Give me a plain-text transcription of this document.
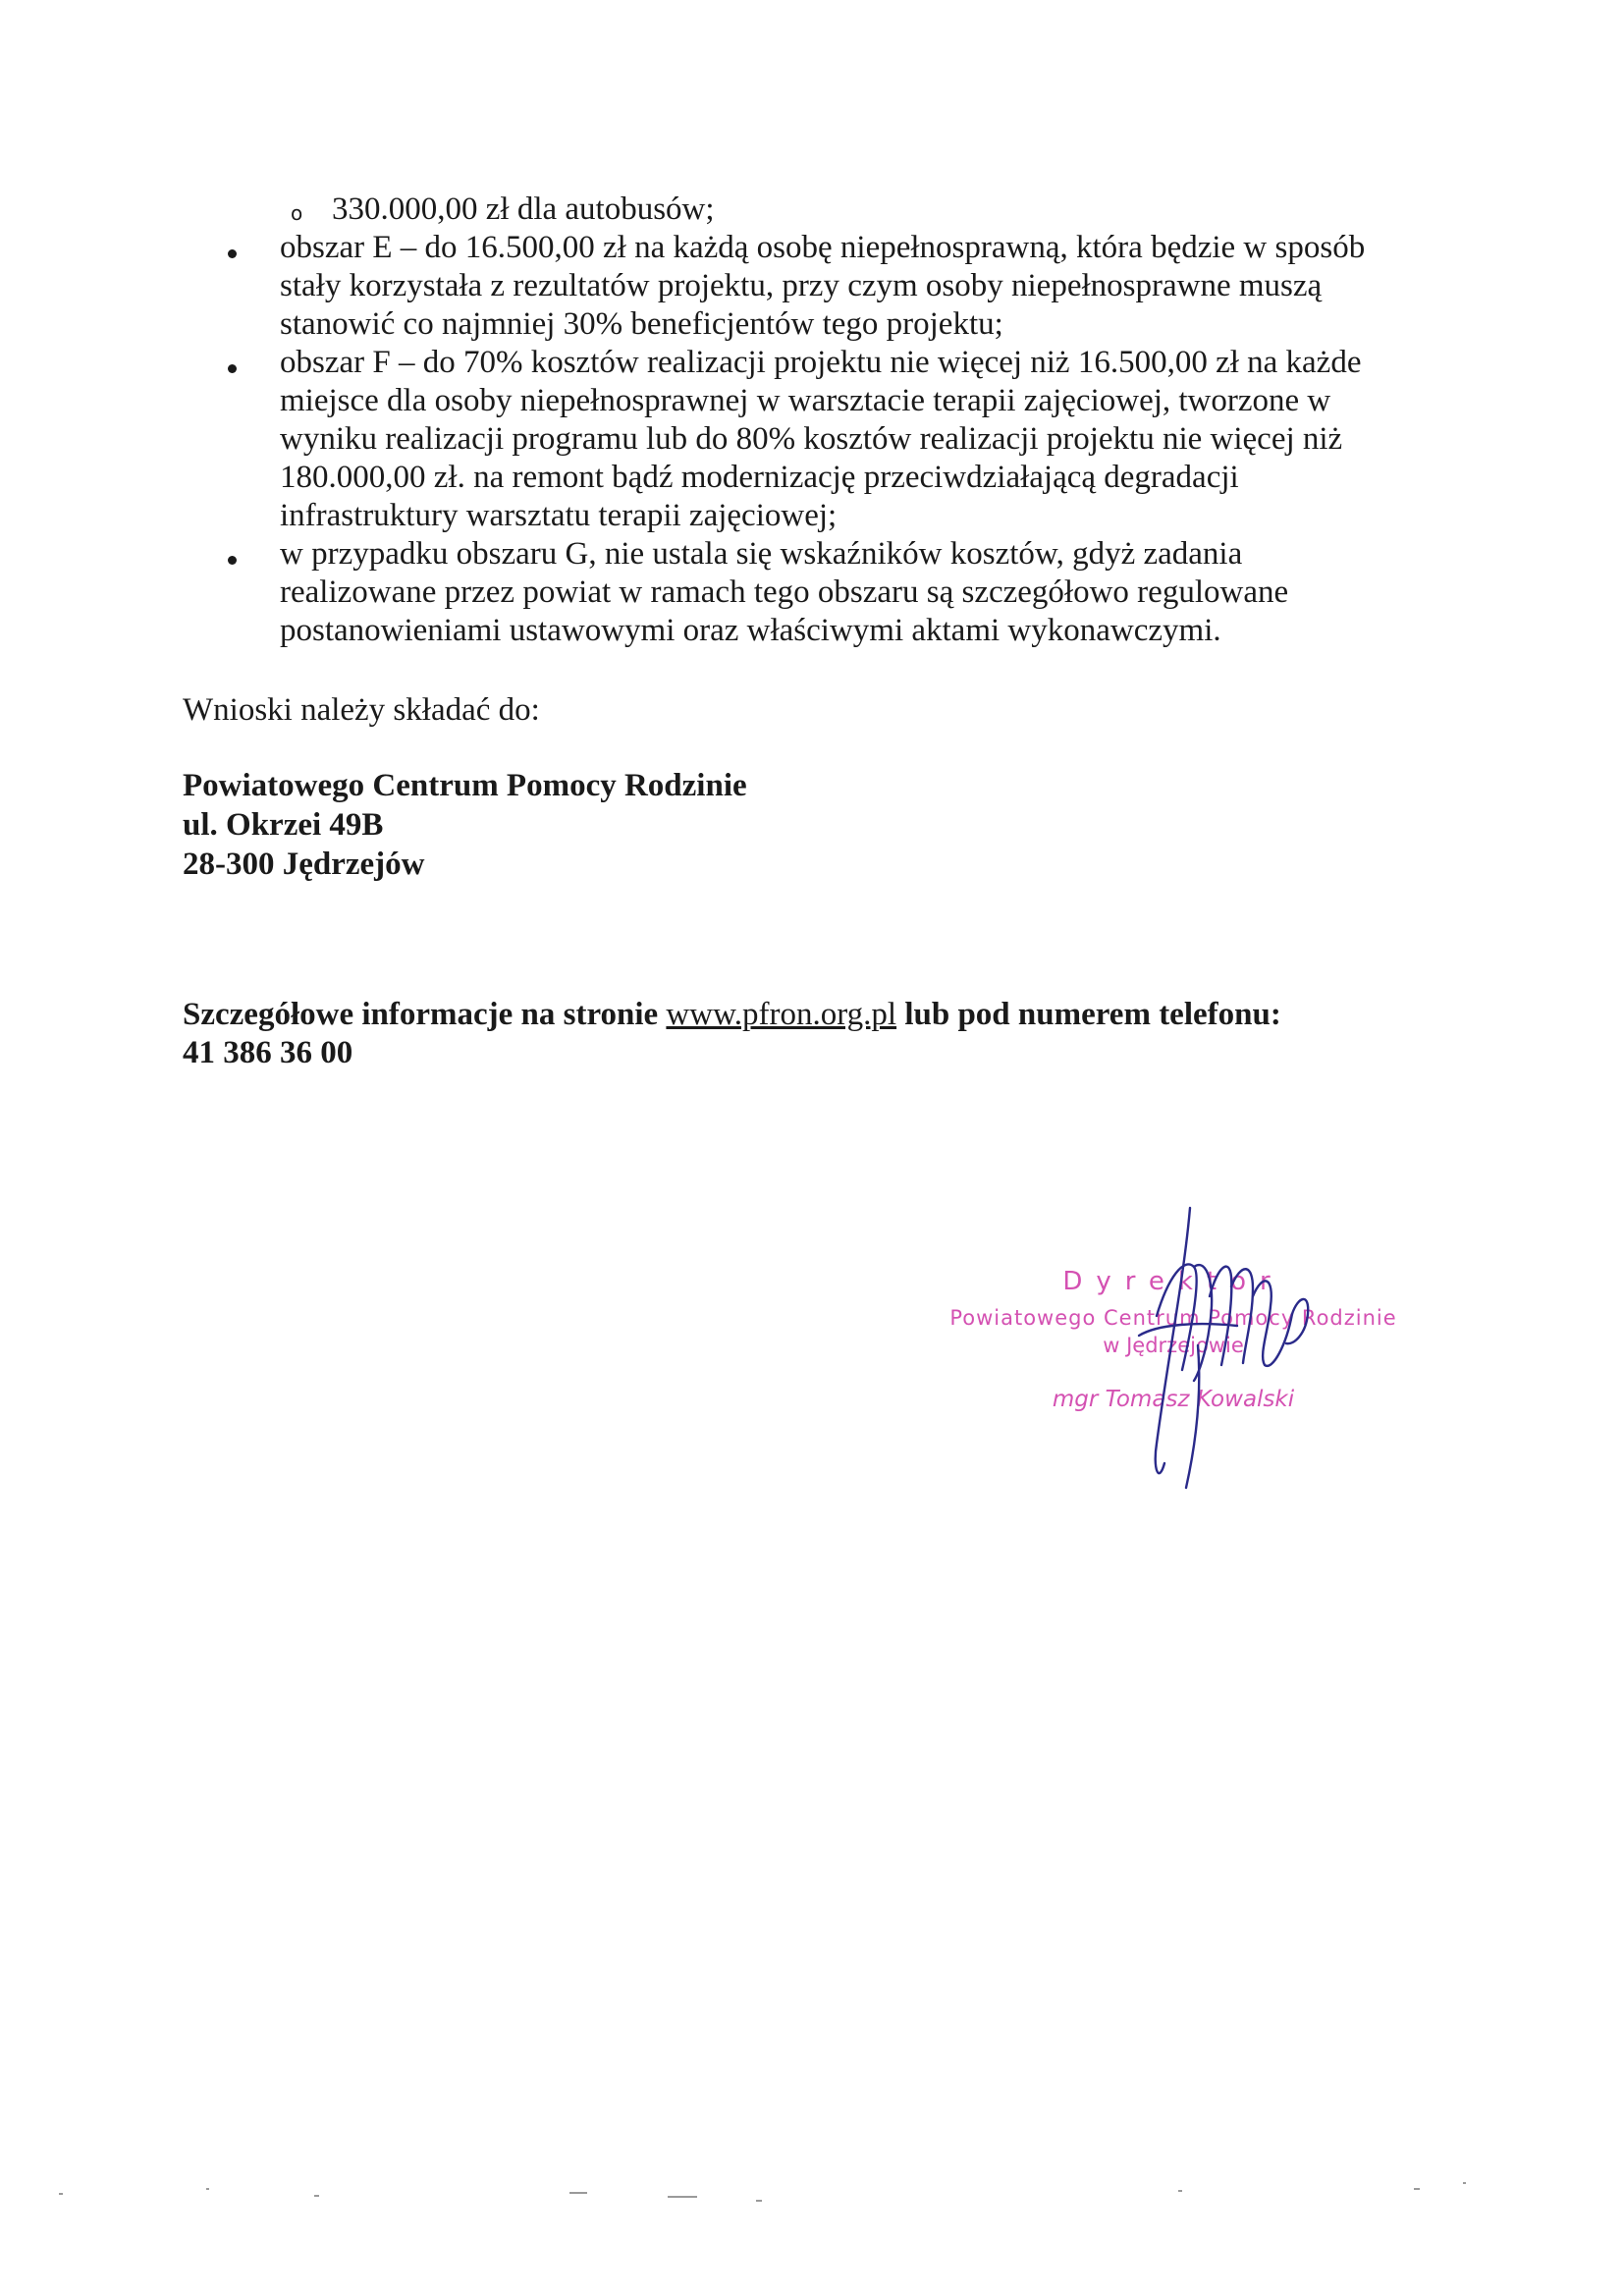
o 330.000,00 zł dla autobusów;
obszar E – do 16.500,00 zł na każdą osobę niepełnosprawną, która będzie w sposób
stały korzystała z rezultatów projektu, przy czym osoby niepełnosprawne muszą
stanowić co najmniej 30% beneficjentów tego projektu;
obszar F – do 70% kosztów realizacji projektu nie więcej niż 16.500,00 zł na każde
miejsce dla osoby niepełnosprawnej w warsztacie terapii zajęciowej, tworzone w
wyniku realizacji programu lub do 80% kosztów realizacji projektu nie więcej niż
180.000,00 zł. na remont bądź modernizację przeciwdziałającą degradacji
infrastruktury warsztatu terapii zajęciowej;
w przypadku obszaru G, nie ustala się wskaźników kosztów, gdyż zadania
realizowane przez powiat w ramach tego obszaru są szczegółowo regulowane
postanowieniami ustawowymi oraz właściwymi aktami wykonawczymi.
Wnioski należy składać do:
Powiatowego Centrum Pomocy Rodzinie
ul. Okrzei 49B
28-300 Jędrzejów
Szczegółowe informacje na stronie www.pfron.org.pl lub pod numerem telefonu:
41 386 36 00
Dyrektor
Powiatowego Centrum Pomocy Rodzinie
w Jędrzejowie
mgr Tomasz Kowalski
